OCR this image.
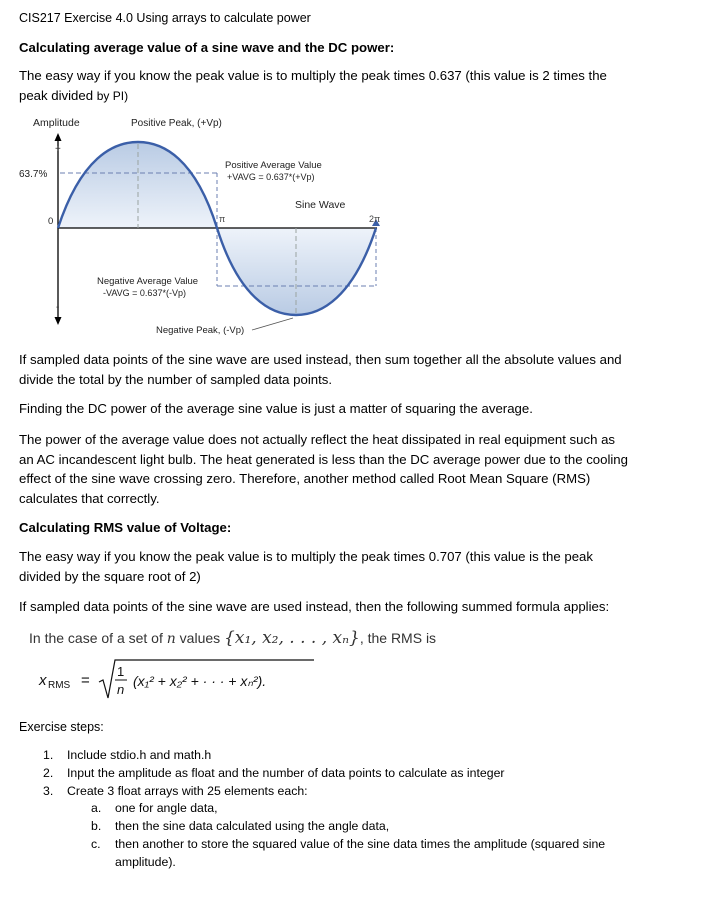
CIS217 Exercise 4.0 Using arrays to calculate power

Calculating average value of a sine wave and the DC power:

The easy way if you know the peak value is to multiply the peak times 0.637 (this value is 2 times the
peak divided by PI)
Amplitude	Positive Peak, (+Vp)
+
-
63.7%
0
Positive Average Value
+VAVG = 0.637*(+Vp)
Sine Wave
π	2π
Negative Average Value
-VAVG = 0.637*(-Vp)
Negative Peak, (-Vp)
If sampled data points of the sine wave are used instead, then sum together all the absolute values and
divide the total by the number of sampled data points.

Finding the DC power of the average sine value is just a matter of squaring the average.

The power of the average value does not actually reflect the heat dissipated in real equipment such as
an AC incandescent light bulb. The heat generated is less than the DC average power due to the cooling
effect of the sine wave crossing zero. Therefore, another method called Root Mean Square (RMS)
calculates that correctly.

Calculating RMS value of Voltage:

The easy way if you know the peak value is to multiply the peak times 0.707 (this value is the peak
divided by the square root of 2)

If sampled data points of the sine wave are used instead, then the following summed formula applies:

In the case of a set of n values {x₁, x₂, . . . , xₙ}, the RMS is
x RMS =
1
n
(x₁² + x₂² + · · · + xₙ²).

Exercise steps:

1. Include stdio.h and math.h
2. Input the amplitude as float and the number of data points to calculate as integer
3. Create 3 float arrays with 25 elements each:
a. one for angle data,
b. then the sine data calculated using the angle data,
c. then another to store the squared value of the sine data times the amplitude (squared sine
amplitude).
